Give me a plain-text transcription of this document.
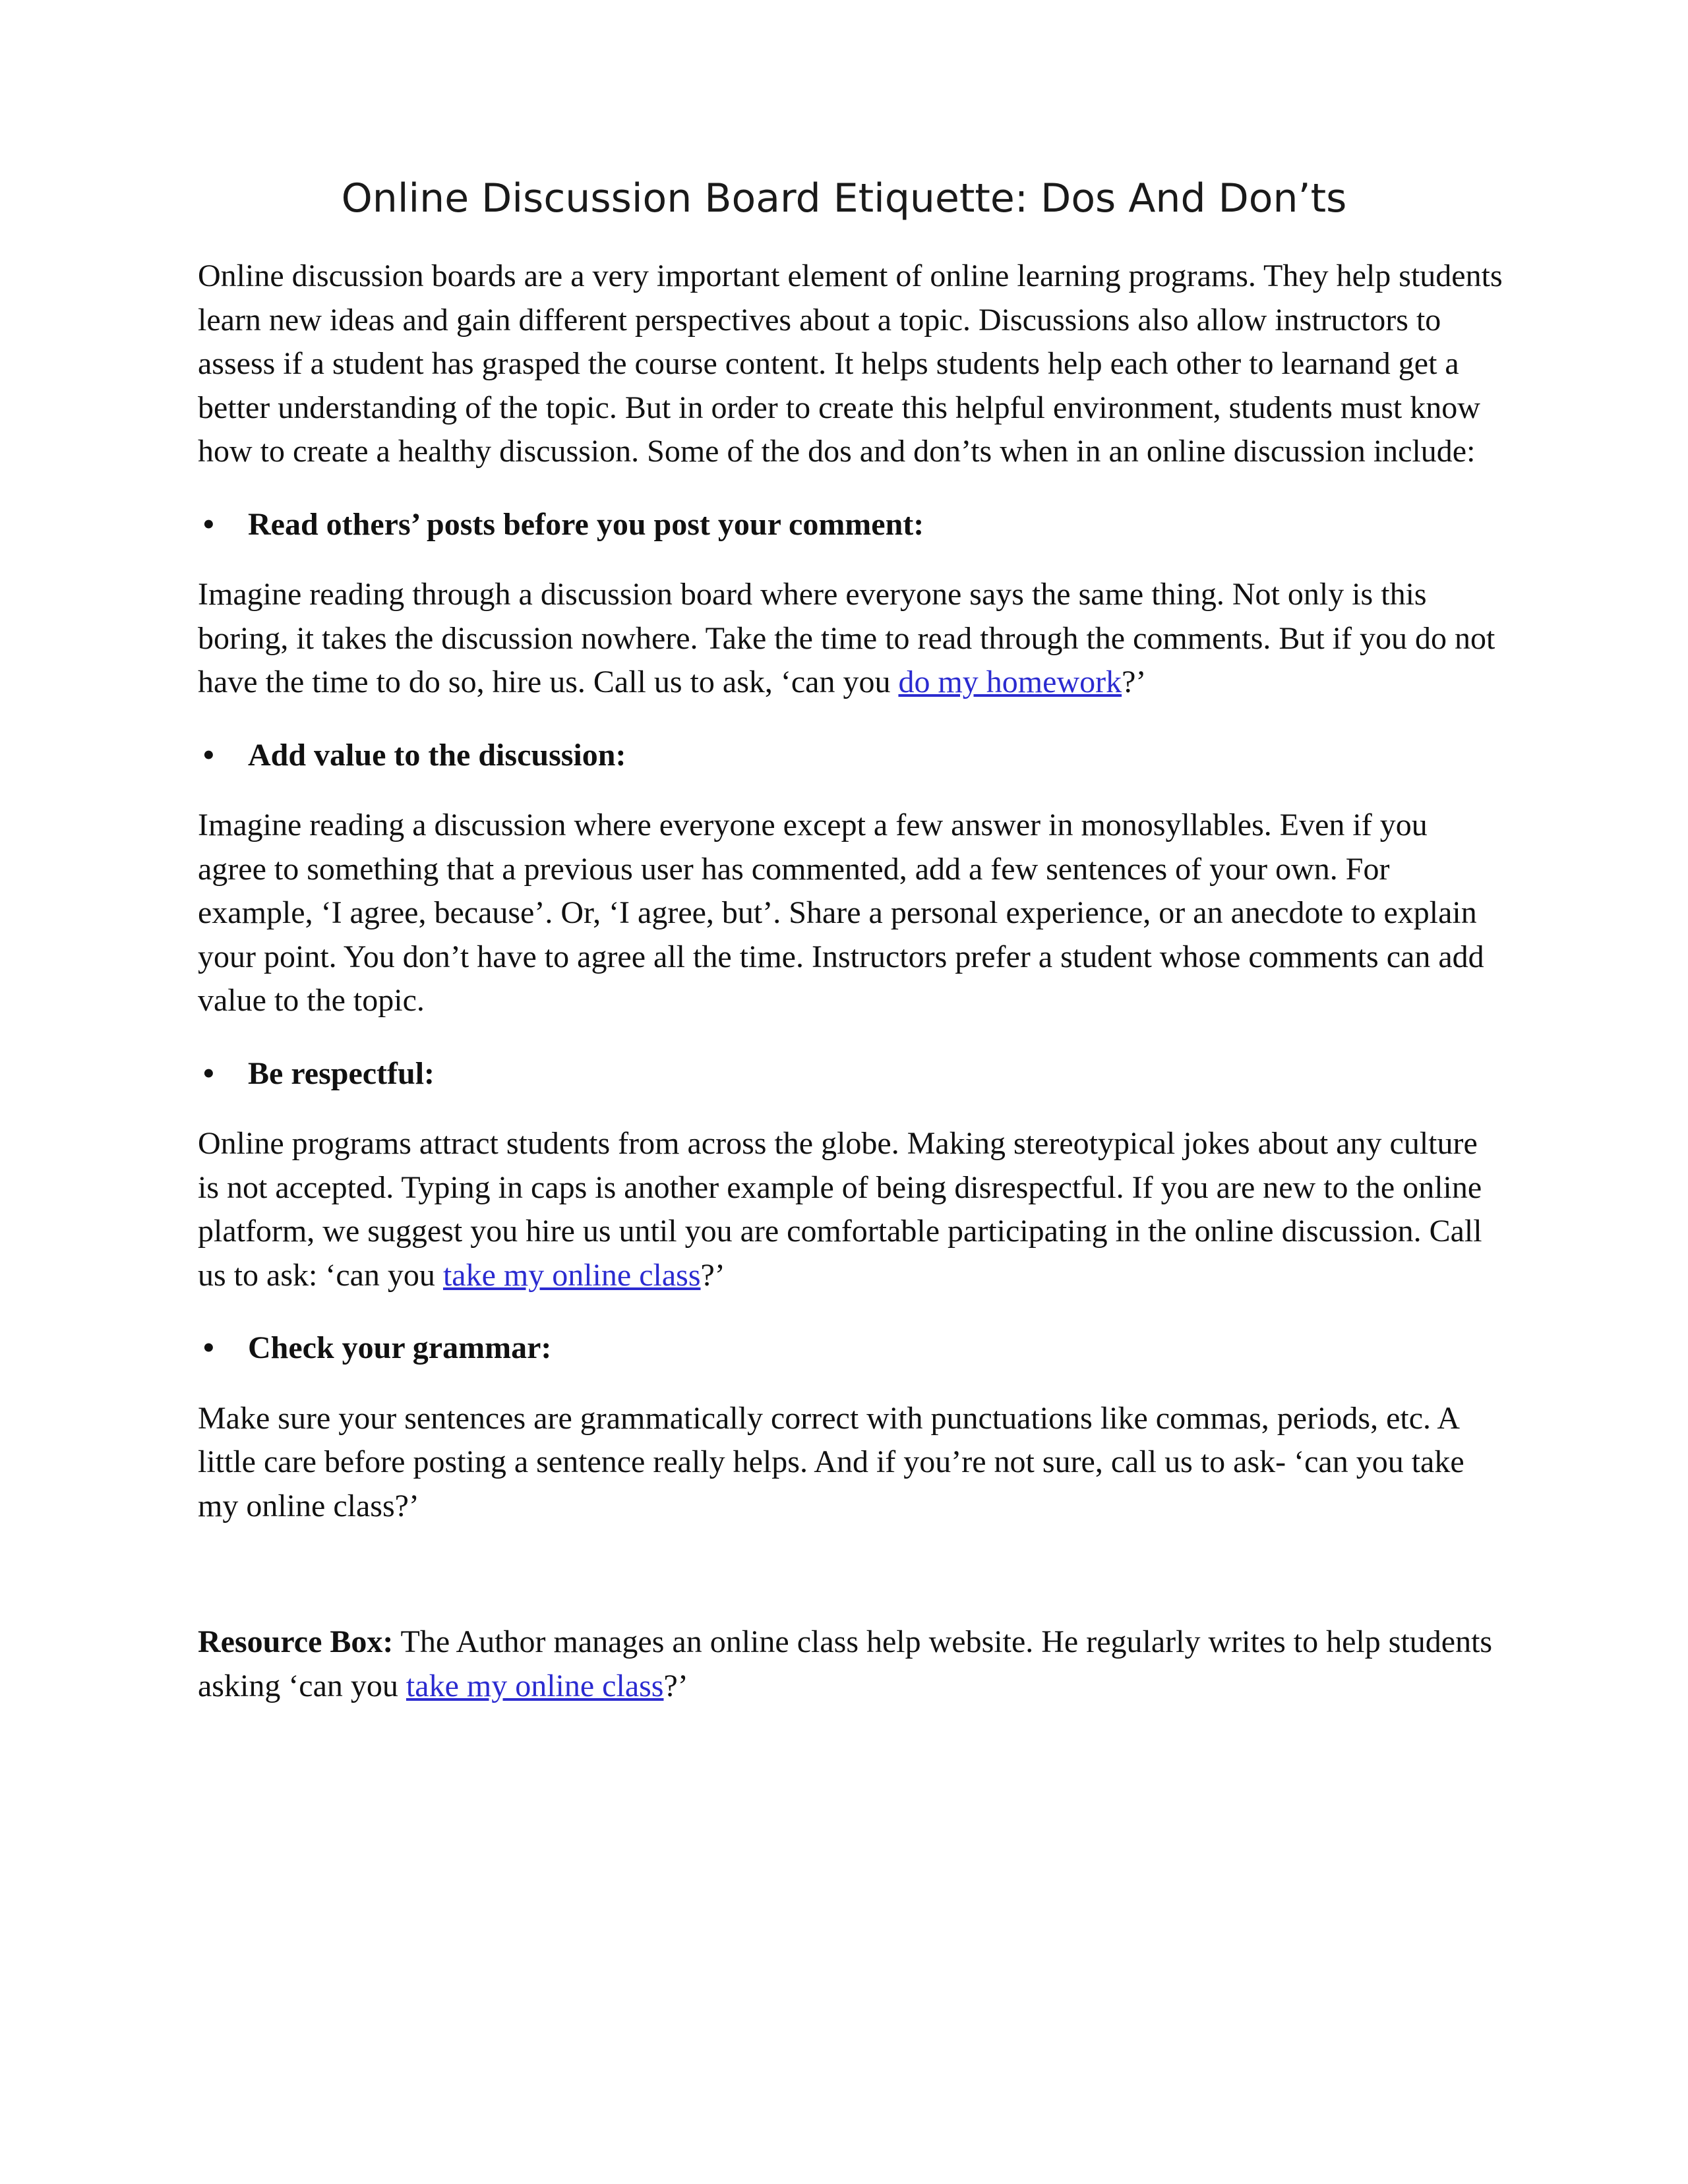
Online Discussion Board Etiquette: Dos And Don’ts

Online discussion boards are a very important element of online learning programs. They help students learn new ideas and gain different perspectives about a topic. Discussions also allow instructors to assess if a student has grasped the course content. It helps students help each other to learnand get a better understanding of the topic. But in order to create this helpful environment, students must know how to create a healthy discussion. Some of the dos and don’ts when in an online discussion include:

• Read others’ posts before you post your comment:

Imagine reading through a discussion board where everyone says the same thing. Not only is this boring, it takes the discussion nowhere. Take the time to read through the comments. But if you do not have the time to do so, hire us. Call us to ask, ‘can you do my homework?’

• Add value to the discussion:

Imagine reading a discussion where everyone except a few answer in monosyllables. Even if you agree to something that a previous user has commented, add a few sentences of your own. For example, ‘I agree, because’. Or, ‘I agree, but’. Share a personal experience, or an anecdote to explain your point. You don’t have to agree all the time. Instructors prefer a student whose comments can add value to the topic.

• Be respectful:

Online programs attract students from across the globe. Making stereotypical jokes about any culture is not accepted. Typing in caps is another example of being disrespectful. If you are new to the online platform, we suggest you hire us until you are comfortable participating in the online discussion. Call us to ask: ‘can you take my online class?’

• Check your grammar:

Make sure your sentences are grammatically correct with punctuations like commas, periods, etc. A little care before posting a sentence really helps. And if you’re not sure, call us to ask- ‘can you take my online class?’

Resource Box: The Author manages an online class help website. He regularly writes to help students asking ‘can you take my online class?’
